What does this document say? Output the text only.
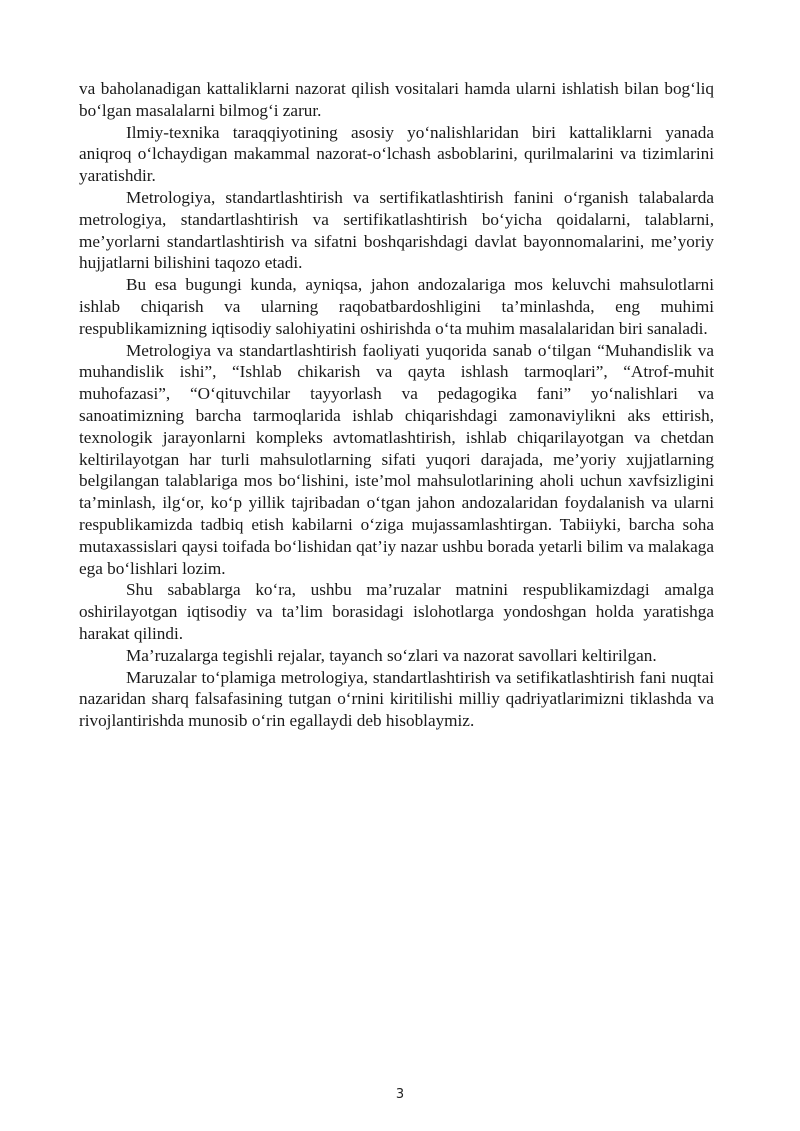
va baholanadigan kattaliklarni nazorat qilish vositalari hamda ularni ishlatish bilan bog‘liq bo‘lgan masalalarni bilmog‘i zarur.

Ilmiy-texnika taraqqiyotining asosiy yo‘nalishlaridan biri kattaliklarni yanada aniqroq o‘lchaydigan makammal nazorat-o‘lchash asboblarini, qurilmalarini va tizimlarini yaratishdir.

Metrologiya, standartlashtirish va sertifikatlashtirish fanini o‘rganish talabalarda metrologiya, standartlashtirish va sertifikatlashtirish bo‘yicha qoidalarni, talablarni, me’yorlarni standartlashtirish va sifatni boshqarishdagi davlat bayonnomalarini, me’yoriy hujjatlarni bilishini taqozo etadi.

Bu esa bugungi kunda, ayniqsa, jahon andozalariga mos keluvchi mahsulotlarni ishlab chiqarish va ularning raqobatbardoshligini ta’minlashda, eng muhimi respublikamizning iqtisodiy salohiyatini oshirishda o‘ta muhim masalalaridan biri sanaladi.

Metrologiya va standartlashtirish faoliyati yuqorida sanab o‘tilgan “Muhandislik va muhandislik ishi”, “Ishlab chikarish va qayta ishlash tarmoqlari”, “Atrof-muhit muhofazasi”, “O‘qituvchilar tayyorlash va pedagogika fani” yo‘nalishlari va sanoatimizning barcha tarmoqlarida ishlab chiqarishdagi zamonaviylikni aks ettirish, texnologik jarayonlarni kompleks avtomatlashtirish, ishlab chiqarilayotgan va chetdan keltirilayotgan har turli mahsulotlarning sifati yuqori darajada, me’yoriy xujjatlarning belgilangan talablariga mos bo‘lishini, iste’mol mahsulotlarining aholi uchun xavfsizligini ta’minlash, ilg‘or, ko‘p yillik tajribadan o‘tgan jahon andozalaridan foydalanish va ularni respublikamizda tadbiq etish kabilarni o‘ziga mujassamlashtirgan. Tabiiyki, barcha soha mutaxassislari qaysi toifada bo‘lishidan qat’iy nazar ushbu borada yetarli bilim va malakaga ega bo‘lishlari lozim.

Shu sabablarga ko‘ra, ushbu ma’ruzalar matnini respublikamizdagi amalga oshirilayotgan iqtisodiy va ta’lim borasidagi islohotlarga yondoshgan holda yaratishga harakat qilindi.

Ma’ruzalarga tegishli rejalar, tayanch so‘zlari va nazorat savollari keltirilgan.

Maruzalar to‘plamiga metrologiya, standartlashtirish va setifikatlashtirish fani nuqtai nazaridan sharq falsafasining tutgan o‘rnini kiritilishi milliy qadriyatlarimizni tiklashda va rivojlantirishda munosib o‘rin egallaydi deb hisoblaymiz.

3
